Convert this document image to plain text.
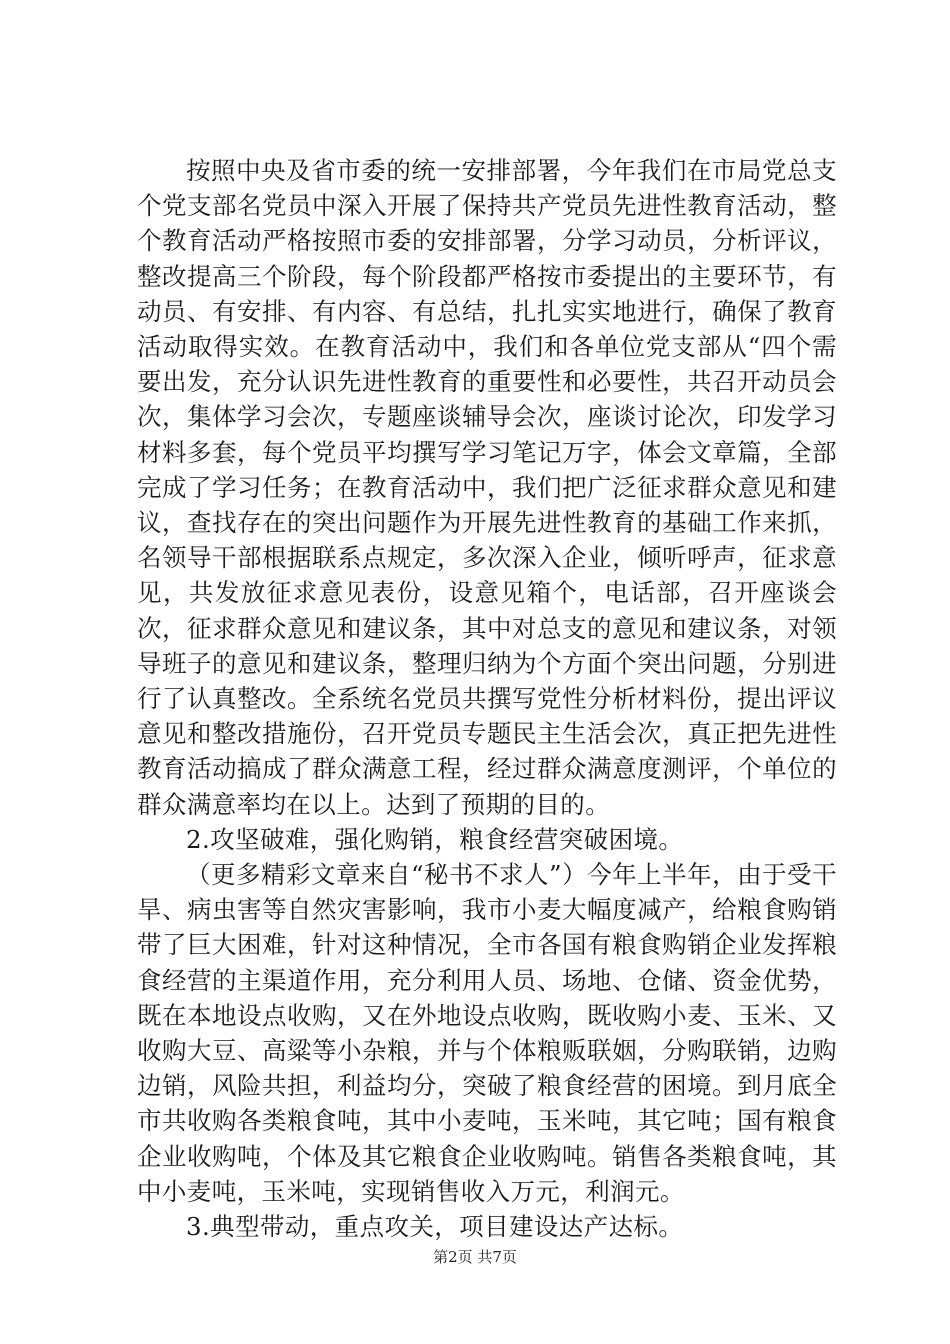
按照中央及省市委的统一安排部署，今年我们在市局党总支个党支部名党员中深入开展了保持共产党员先进性教育活动，整个教育活动严格按照市委的安排部署，分学习动员，分析评议，整改提高三个阶段，每个阶段都严格按市委提出的主要环节，有动员、有安排、有内容、有总结，扎扎实实地进行，确保了教育活动取得实效。在教育活动中，我们和各单位党支部从“四个需要出发，充分认识先进性教育的重要性和必要性，共召开动员会次，集体学习会次，专题座谈辅导会次，座谈讨论次，印发学习材料多套，每个党员平均撰写学习笔记万字，体会文章篇，全部完成了学习任务；在教育活动中，我们把广泛征求群众意见和建议，查找存在的突出问题作为开展先进性教育的基础工作来抓，名领导干部根据联系点规定，多次深入企业，倾听呼声，征求意见，共发放征求意见表份，设意见箱个，电话部，召开座谈会次，征求群众意见和建议条，其中对总支的意见和建议条，对领导班子的意见和建议条，整理归纳为个方面个突出问题，分别进行了认真整改。全系统名党员共撰写党性分析材料份，提出评议意见和整改措施份，召开党员专题民主生活会次，真正把先进性教育活动搞成了群众满意工程，经过群众满意度测评，个单位的群众满意率均在以上。达到了预期的目的。

2.攻坚破难，强化购销，粮食经营突破困境。

（更多精彩文章来自“秘书不求人”）今年上半年，由于受干旱、病虫害等自然灾害影响，我市小麦大幅度减产，给粮食购销带了巨大困难，针对这种情况，全市各国有粮食购销企业发挥粮食经营的主渠道作用，充分利用人员、场地、仓储、资金优势，既在本地设点收购，又在外地设点收购，既收购小麦、玉米、又收购大豆、高粱等小杂粮，并与个体粮贩联姻，分购联销，边购边销，风险共担，利益均分，突破了粮食经营的困境。到月底全市共收购各类粮食吨，其中小麦吨，玉米吨，其它吨；国有粮食企业收购吨，个体及其它粮食企业收购吨。销售各类粮食吨，其中小麦吨，玉米吨，实现销售收入万元，利润元。

3.典型带动，重点攻关，项目建设达产达标。

第2页 共7页
